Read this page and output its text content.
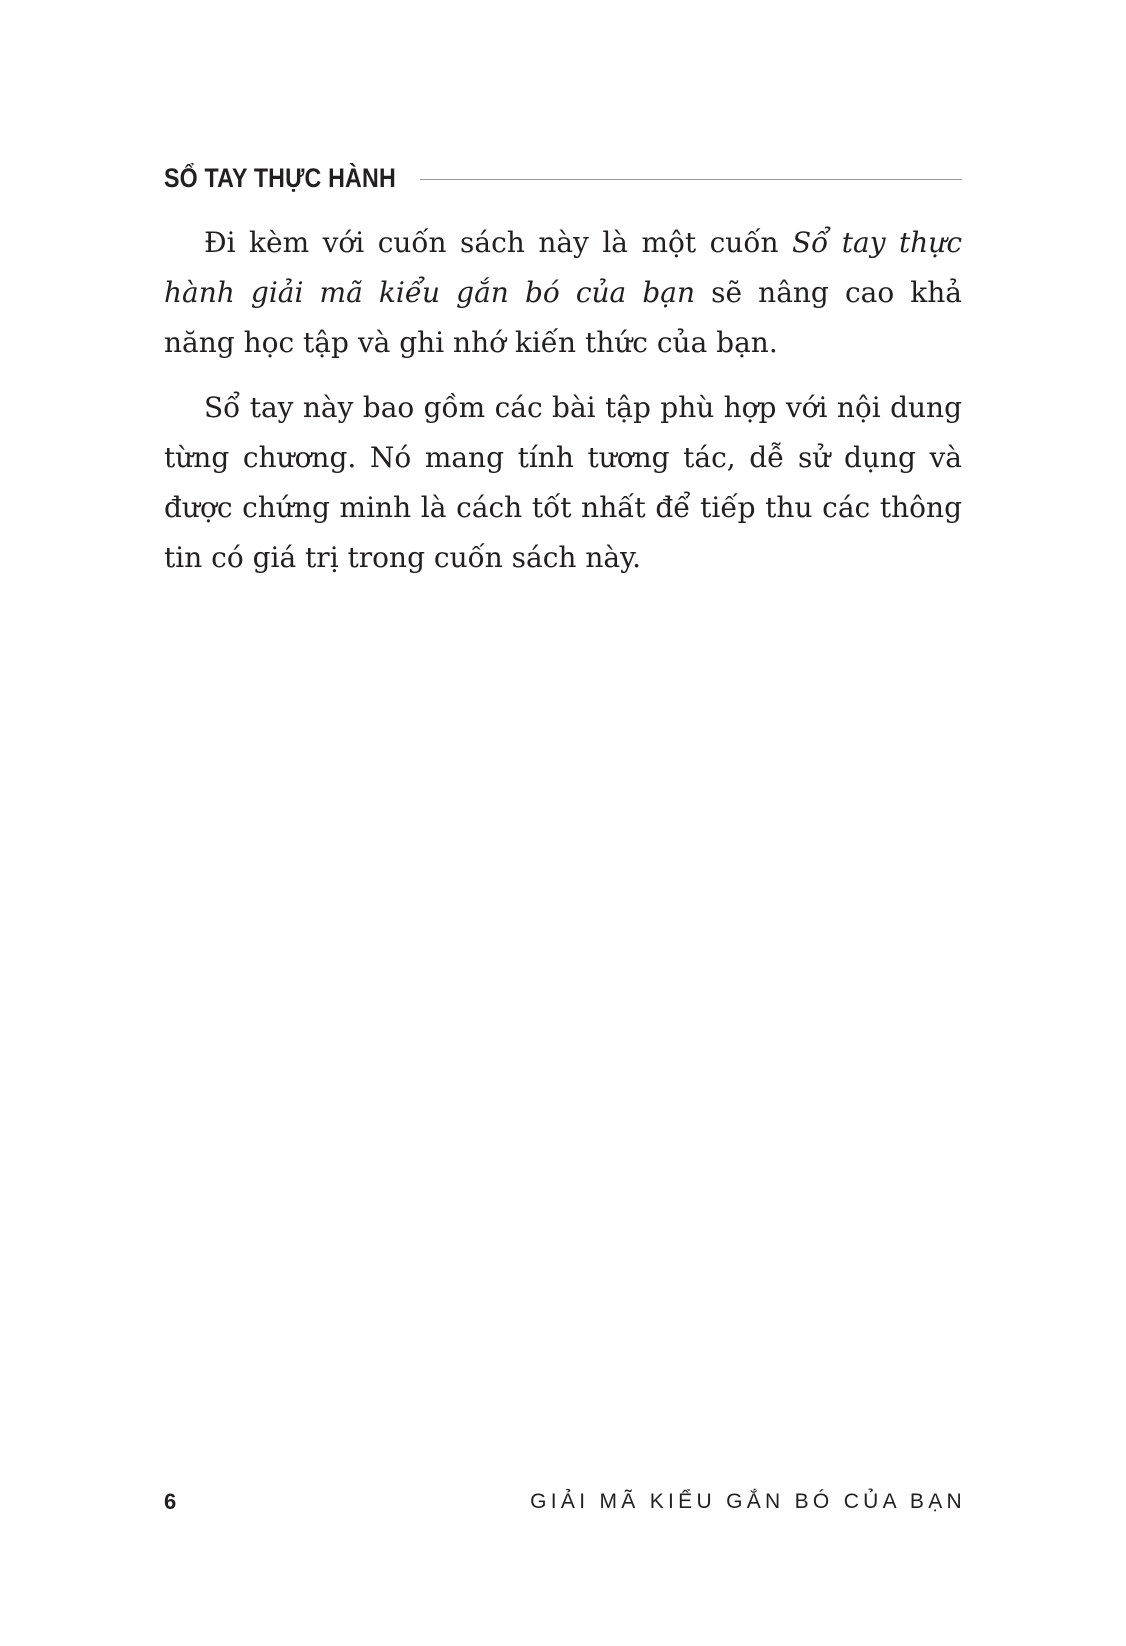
SỔ TAY THỰC HÀNH

Đi kèm với cuốn sách này là một cuốn Sổ tay thực hành giải mã kiểu gắn bó của bạn sẽ nâng cao khả năng học tập và ghi nhớ kiến thức của bạn.

Sổ tay này bao gồm các bài tập phù hợp với nội dung từng chương. Nó mang tính tương tác, dễ sử dụng và được chứng minh là cách tốt nhất để tiếp thu các thông tin có giá trị trong cuốn sách này.

6	GIẢI MÃ KIỂU GẮN BÓ CỦA BẠN
